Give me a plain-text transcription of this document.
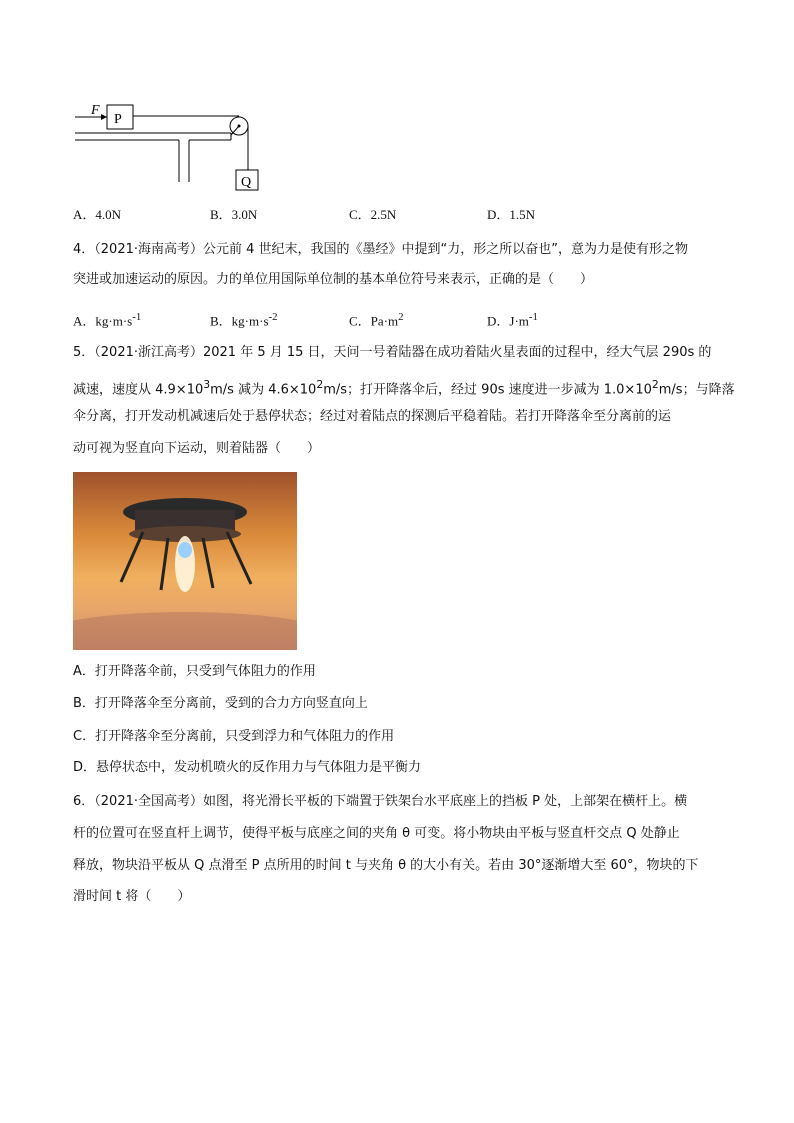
F
P
Q
A．4.0N	B．3.0N	C．2.5N	D．1.5N
4．（2021·海南高考）公元前 4 世纪末，我国的《墨经》中提到“力，形之所以奋也”，意为力是使有形之物
突进或加速运动的原因。力的单位用国际单位制的基本单位符号来表示，正确的是（　　）
A．$kg\cdot m\cdot s^{-1}$	B．$kg\cdot m\cdot s^{-2}$	C．$Pa\cdot m^2$	D．$J\cdot m^{-1}$
5．（2021·浙江高考）2021 年 5 月 15 日，天问一号着陆器在成功着陆火星表面的过程中，经大气层 290s 的
减速，速度从 $4.9\times 10^3m/s$ 减为 $4.6\times 10^2m/s$；打开降落伞后，经过 90s 速度进一步减为 $1.0\times 10^2m/s$；与降落
伞分离，打开发动机减速后处于悬停状态；经过对着陆点的探测后平稳着陆。若打开降落伞至分离前的运
动可视为竖直向下运动，则着陆器（　　）
A．打开降落伞前，只受到气体阻力的作用
B．打开降落伞至分离前，受到的合力方向竖直向上
C．打开降落伞至分离前，只受到浮力和气体阻力的作用
D．悬停状态中，发动机喷火的反作用力与气体阻力是平衡力
6．（2021·全国高考）如图，将光滑长平板的下端置于铁架台水平底座上的挡板 P 处，上部架在横杆上。横
杆的位置可在竖直杆上调节，使得平板与底座之间的夹角 θ 可变。将小物块由平板与竖直杆交点 Q 处静止
释放，物块沿平板从 Q 点滑至 P 点所用的时间 t 与夹角 θ 的大小有关。若由 30°逐渐增大至 60°，物块的下
滑时间 t 将（　　）
